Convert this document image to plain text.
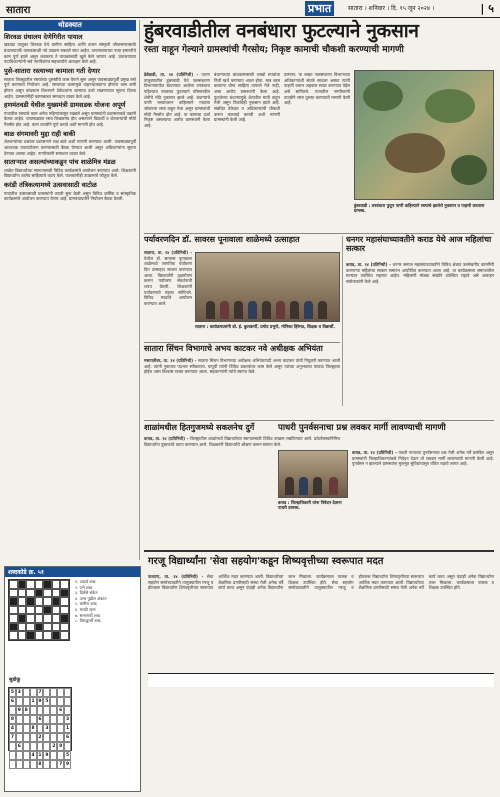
सातारा	प्रभात	सातारा । शनिवार । दि. १५ जून २०२४ ।	| ५
थोडक्यात
शिरवळ ग्रंथालय देणेगिरीत पायाल
खंडाळा तालुका शिरवळ येथे ग्रामीण साहित्य आणि वाचन संस्कृती जोपासण्यासाठी ग्रंथालयातर्फे वाचकांसाठी नवे उपक्रम राबवले जात आहेत. वाचनालयाच्या नव्या इमारतीचे काम पूर्ण झाले असून लवकरच ते वाचकांसाठी खुले केले जाणार आहे. ग्रंथालयाच्या पदाधिकाऱ्यांनी सर्व नागरिकांना सहकार्याचे आवाहन केले आहे.
पुसे-सातारा रस्त्याच्या कामाला गती देणार
सातारा जिल्ह्यातील रस्त्यांच्या दुरुस्तीचे काम वेगाने सुरू असून पावसाळ्यापूर्वी प्रमुख रस्ते पूर्ण करण्याचे नियोजन आहे. रस्त्याच्या कामामुळे वाहनचालकांना होणारा त्रास कमी होणार असून बांधकाम विभागाने ठेकेदारांना कामाचा दर्जा राखण्याच्या सूचना दिल्या आहेत. ग्रामस्थांनीही कामाबाबत समाधान व्यक्त केले आहे.
हणमंतवडी येथील मुख्यमंत्री ग्रामसडक योजना अपूर्ण
गावातील रस्त्याचे काम अनेक महिन्यांपासून रखडले असून ग्रामस्थांनी प्रशासनाकडे तक्रारी केल्या आहेत. पावसाळ्यात रस्ता चिखलमय होत असल्याने विद्यार्थी व शेतकऱ्यांची मोठी गैरसोय होत आहे. काम तातडीने पूर्ण करावे अशी मागणी होत आहे.
बाळ संगमावरी मुद्दा राही बाकी
शेतकऱ्यांच्या प्रश्नांवर प्रशासनाने लक्ष द्यावे अशी मागणी करण्यात आली. पावसाळ्यापूर्वी आवश्यक उपाययोजना करण्यासाठी बैठक घेण्यात आली असून अधिकाऱ्यांना सूचना देण्यात आल्या आहेत. नागरिकांनी समाधान व्यक्त केले.
साताऱ्यात असल्यांच्याकडून पांच शाळेमित्र मंडळ
शाळेत विद्यार्थ्यांच्या स्वागतासाठी विविध कार्यक्रमांचे आयोजन करण्यात आले. शिक्षकांनी विद्यार्थ्यांना शालेय साहित्याचे वाटप केले. पालकांनीही उपक्रमाचे कौतुक केले.
करंडी तंत्रिकत्यामध्ये उत्सवासाठी वाटोळ
गावातील उत्सवासाठी ग्रामस्थांनी तयारी सुरू केली असून विविध धार्मिक व सांस्कृतिक कार्यक्रमांचे आयोजन करण्यात येणार आहे. ग्रामपंचायतीने नियोजन बैठक घेतली.
हुंबरवाडीतील वनबंधारा फुटल्याने नुकसान
रस्ता वाहून गेल्याने ग्रामस्थांची गैरसोय; निकृष्ट कामाची चौकशी करण्याची मागणी
ढेबेवाडी, ता. १४ (प्रतिनिधी) - पाटण तालुक्यातील हुंबरवाडी येथे जलसंधारण विभागामार्फत बांधण्यात आलेला वनबंधारा पहिल्याच पावसात फुटल्याने परिसरातील शेतीचे मोठे नुकसान झाले आहे. बंधाऱ्याचे पाणी रस्त्यावरून वाहिल्याने गावाला जोडणारा रस्ता वाहून गेला असून ग्रामस्थांची मोठी गैरसोय होत आहे. या कामाचा दर्जा निकृष्ट असल्याचा आरोप ग्रामस्थांनी केला आहे.
बंधाऱ्याच्या बांधकामासाठी लाखो रुपयांचा निधी खर्च करण्यात आला होता. मात्र काम करताना योग्य साहित्य वापरले गेले नाही, असा आरोप ग्रामस्थांनी केला आहे. फुटलेल्या बंधाऱ्यामुळे शेतातील माती वाहून गेली असून पिकांचेही नुकसान झाले आहे. संबंधित ठेकेदार व अधिकाऱ्यांची चौकशी करून कारवाई करावी अशी मागणी ग्रामस्थांनी केली आहे.
दरम्यान, या बाबत जलसंधारण विभागाच्या अधिकाऱ्यांशी संपर्क साधला असता त्यांनी पाहणी करून अहवाल सादर करण्यात येईल असे सांगितले. गावातील नागरिकांनी तातडीने रस्ता दुरुस्त करण्याची मागणी केली आहे.
हुंबरवाडी : वनबंधारा फुटून पाणी वाहिल्याने रस्त्याचे झालेले नुकसान व पाहणी करताना ग्रामस्थ.
पर्यावरणदिन डॉ. सावरस पूनावाला शाळेमध्ये उत्साहात
सातारा, ता. १४ (प्रतिनिधी) - येथील डॉ. सायरस पूनावाला शाळेमध्ये जागतिक पर्यावरण दिन उत्साहात साजरा करण्यात आला. विद्यार्थ्यांनी वृक्षारोपण करून पर्यावरण संवर्धनाची शपथ घेतली. शिक्षकांनी पर्यावरणाचे महत्त्व सांगितले. विविध स्पर्धांचे आयोजन करण्यात आले.
सातारा : कार्यक्रमप्रसंगी डॉ. ई. कुलकर्णी, प्रमोद प्रभुणे, मोनिका हिरेमठ, शिक्षक व विद्यार्थी.
धनगर महासंघाच्यावतीने कराड येथे आज महिलांचा सत्कार
कराड, ता. १४ (प्रतिनिधी) - धनगर समाज महासंघाच्यावतीने विविध क्षेत्रात उल्लेखनीय कामगिरी करणाऱ्या महिलांचा सत्कार समारंभ आयोजित करण्यात आला आहे. या कार्यक्रमाला समाजातील मान्यवर उपस्थित राहणार आहेत. महिलांनी मोठ्या संख्येने उपस्थित राहावे असे आवाहन संयोजकांनी केले आहे.
सातारा सिंचन विभागाचे अभय काटकर नवे अधीक्षक अभियंता
मसापतीवर, ता. १४ (प्रतिनिधी) - सातारा सिंचन विभागाच्या अधीक्षक अभियंतापदी अभय काटकर यांची नियुक्ती करण्यात आली आहे. त्यांनी नुकताच पदभार स्वीकारला. यापूर्वी त्यांनी विविध प्रकल्पांवर काम केले असून त्यांच्या अनुभवाचा फायदा जिल्ह्याला होईल असा विश्वास व्यक्त करण्यात आला. सहकाऱ्यांनी त्यांचे स्वागत केले.
शाळांमधील हितगुजमध्ये सकलनेच दुर्गे
कराड, ता. १४ (प्रतिनिधी) - जिल्ह्यातील शाळांमध्ये विद्यार्थ्यांच्या स्वागतासाठी विविध उपक्रम राबविण्यात आले. प्रवेशोत्सवानिमित्त विद्यार्थ्यांना पुस्तकांचे वाटप करण्यात आले. शिक्षकांनी विद्यार्थ्यांचे औक्षण करून स्वागत केले.
पाधरी पुनर्वसनाचा प्रश्न लवकर मार्गी लावण्याची मागणी
कराड, ता. १४ (प्रतिनिधी) - पाधरी गावाच्या पुनर्वसनाचा प्रश्न गेली अनेक वर्षे प्रलंबित असून ग्रामस्थांनी जिल्हाधिकाऱ्यांकडे निवेदन देऊन तो लवकर मार्गी लावण्याची मागणी केली आहे. पुनर्वसन न झाल्याने ग्रामस्थांना मूलभूत सुविधांपासून वंचित राहावे लागत आहे.
कराड : जिल्हाधिकारी यांना निवेदन देताना पाधरी ग्रामस्थ.
गरजू विद्यार्थ्यांना 'सेवा सहयोग'कडून शिष्यवृत्तीच्या स्वरूपात मदत
फलटण, ता. १४ (प्रतिनिधी) - सेवा सहयोग संस्थेच्यावतीने तालुक्यातील गरजू व होतकरू विद्यार्थ्यांना शिष्यवृत्तीच्या स्वरूपात आर्थिक मदत करण्यात आली. विद्यार्थ्यांच्या शैक्षणिक प्रगतीसाठी संस्था गेली अनेक वर्षे कार्य करत असून यंदाही अनेक विद्यार्थ्यांना लाभ मिळाला. कार्यक्रमाला पालक व शिक्षक उपस्थित होते. सेवा सहयोग संस्थेच्यावतीने तालुक्यातील गरजू व होतकरू विद्यार्थ्यांना शिष्यवृत्तीच्या स्वरूपात आर्थिक मदत करण्यात आली. विद्यार्थ्यांच्या शैक्षणिक प्रगतीसाठी संस्था गेली अनेक वर्षे कार्य करत असून यंदाही अनेक विद्यार्थ्यांना लाभ मिळाला. कार्यक्रमाला पालक व शिक्षक उपस्थित होते.
शब्दकोडे क्र. ५१
१. आडवे शब्द
२. उभे शब्द
३. दिलेले संकेत
४. उत्तर पुढील अंकात
५. ग्रामीण शब्द
६. मराठी म्हण
७. समानार्थी शब्द
८. विरुद्धार्थी शब्द
सुडोकू
5 3	7
6	1 9 5
9 8	6
8	6	3
4	8	3	1
7	2	6
6	2 8
4 1 9	5
8	7 9
